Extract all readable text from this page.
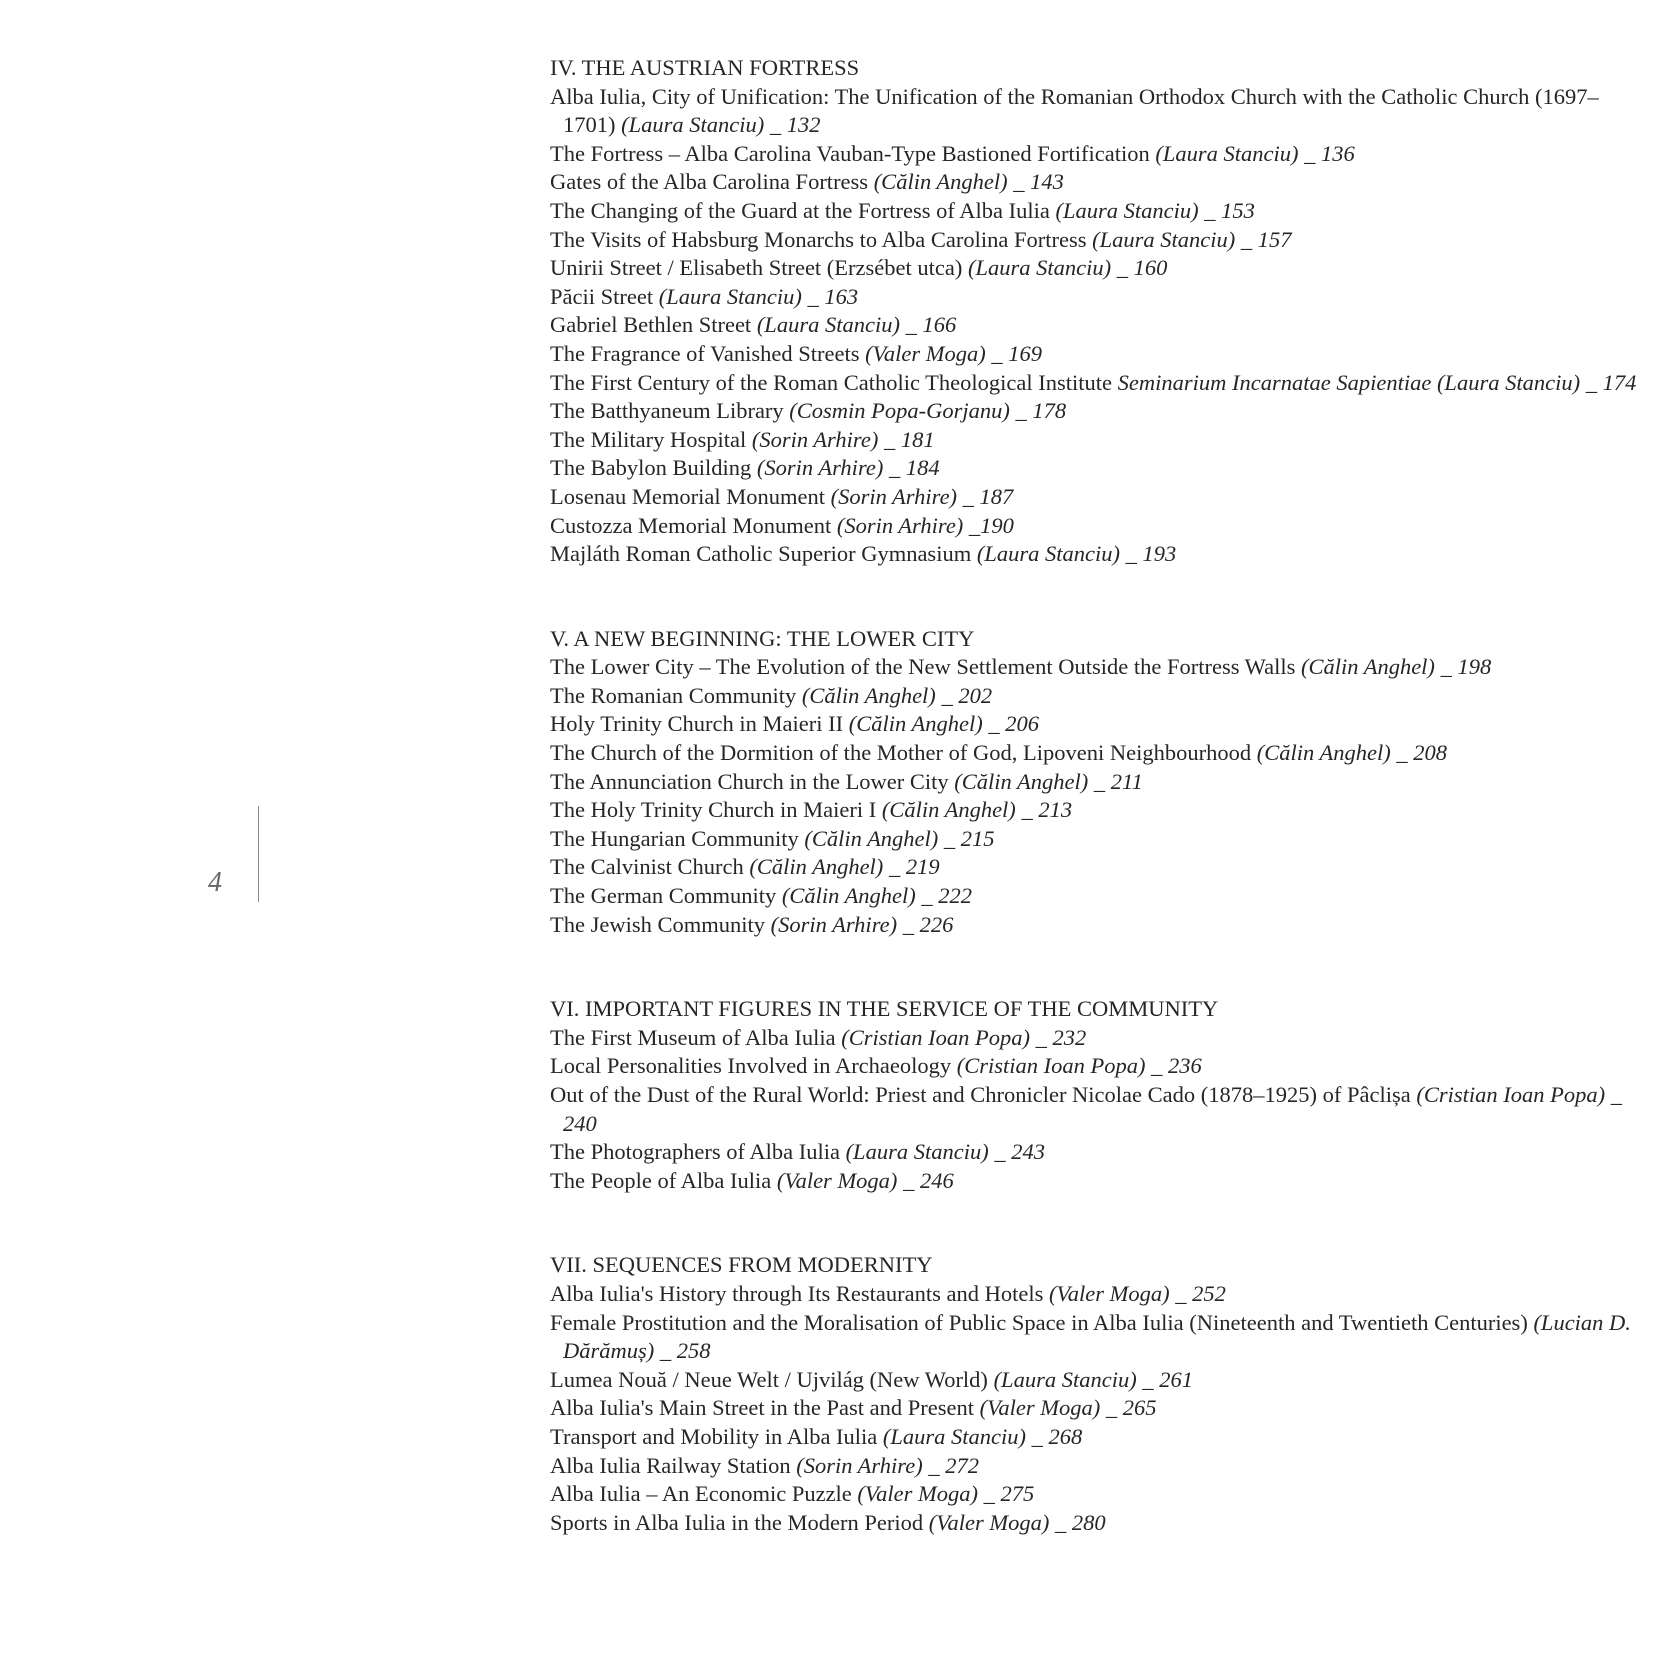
4
IV. THE AUSTRIAN FORTRESS
Alba Iulia, City of Unification: The Unification of the Romanian Orthodox Church with the Catholic Church (1697–1701) (Laura Stanciu) _ 132
The Fortress – Alba Carolina Vauban-Type Bastioned Fortification (Laura Stanciu) _ 136
Gates of the Alba Carolina Fortress (Călin Anghel) _ 143
The Changing of the Guard at the Fortress of Alba Iulia (Laura Stanciu) _ 153
The Visits of Habsburg Monarchs to Alba Carolina Fortress (Laura Stanciu) _ 157
Unirii Street / Elisabeth Street (Erzsébet utca) (Laura Stanciu) _ 160
Păcii Street (Laura Stanciu) _ 163
Gabriel Bethlen Street (Laura Stanciu) _ 166
The Fragrance of Vanished Streets (Valer Moga) _ 169
The First Century of the Roman Catholic Theological Institute Seminarium Incarnatae Sapientiae (Laura Stanciu) _ 174
The Batthyaneum Library (Cosmin Popa-Gorjanu) _ 178
The Military Hospital (Sorin Arhire) _ 181
The Babylon Building (Sorin Arhire) _ 184
Losenau Memorial Monument (Sorin Arhire) _ 187
Custozza Memorial Monument (Sorin Arhire) _190
Majláth Roman Catholic Superior Gymnasium (Laura Stanciu) _ 193
V. A NEW BEGINNING: THE LOWER CITY
The Lower City – The Evolution of the New Settlement Outside the Fortress Walls (Călin Anghel) _ 198
The Romanian Community (Călin Anghel) _ 202
Holy Trinity Church in Maieri II (Călin Anghel) _ 206
The Church of the Dormition of the Mother of God, Lipoveni Neighbourhood (Călin Anghel) _ 208
The Annunciation Church in the Lower City (Călin Anghel) _ 211
The Holy Trinity Church in Maieri I (Călin Anghel) _ 213
The Hungarian Community (Călin Anghel) _ 215
The Calvinist Church (Călin Anghel) _ 219
The German Community (Călin Anghel) _ 222
The Jewish Community (Sorin Arhire) _ 226
VI. IMPORTANT FIGURES IN THE SERVICE OF THE COMMUNITY
The First Museum of Alba Iulia (Cristian Ioan Popa) _ 232
Local Personalities Involved in Archaeology (Cristian Ioan Popa) _ 236
Out of the Dust of the Rural World: Priest and Chronicler Nicolae Cado (1878–1925) of Pâclișa (Cristian Ioan Popa) _ 240
The Photographers of Alba Iulia (Laura Stanciu) _ 243
The People of Alba Iulia (Valer Moga) _ 246
VII. SEQUENCES FROM MODERNITY
Alba Iulia's History through Its Restaurants and Hotels (Valer Moga) _ 252
Female Prostitution and the Moralisation of Public Space in Alba Iulia (Nineteenth and Twentieth Centuries) (Lucian D. Dărămuș) _ 258
Lumea Nouă / Neue Welt / Ujvilág (New World) (Laura Stanciu) _ 261
Alba Iulia's Main Street in the Past and Present (Valer Moga) _ 265
Transport and Mobility in Alba Iulia (Laura Stanciu) _ 268
Alba Iulia Railway Station (Sorin Arhire) _ 272
Alba Iulia – An Economic Puzzle (Valer Moga) _ 275
Sports in Alba Iulia in the Modern Period (Valer Moga) _ 280
